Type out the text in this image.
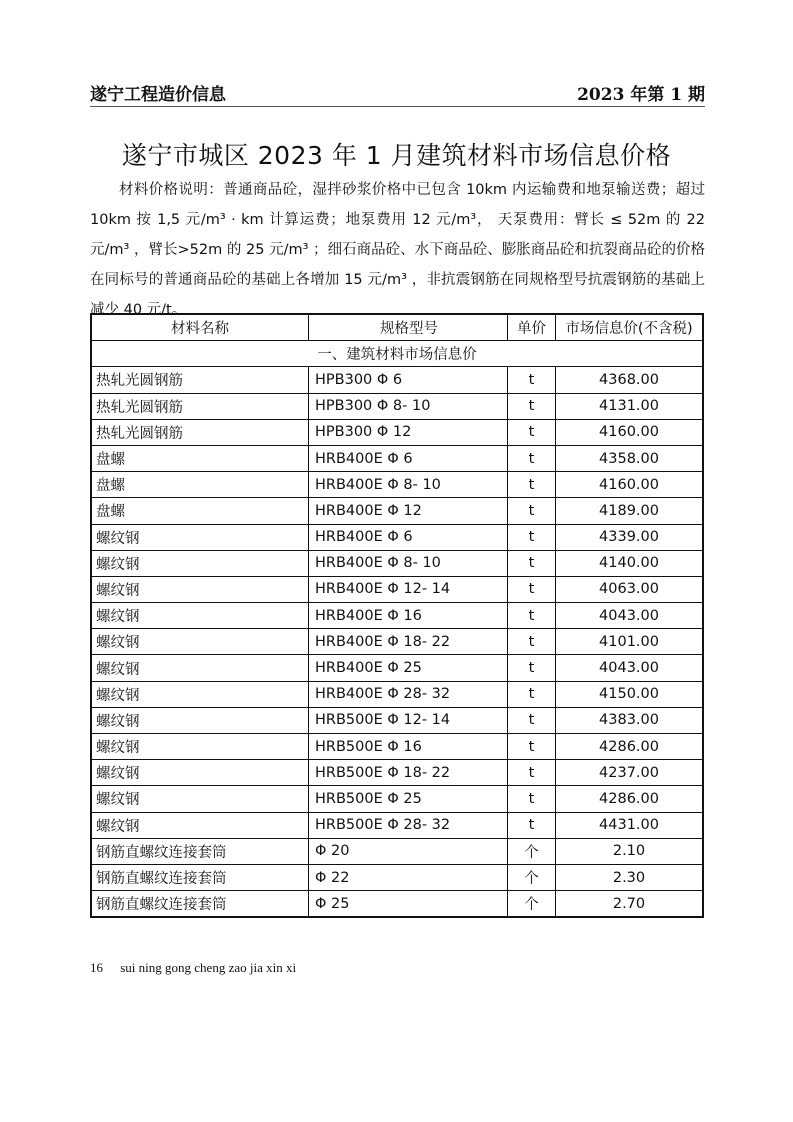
遂宁工程造价信息	2023 年第 1 期
遂宁市城区 2023 年 1 月建筑材料市场信息价格

材料价格说明：普通商品砼，湿拌砂浆价格中已包含 10km 内运输费和地泵输送费；超过 10km 按 1,5 元/m³ · km 计算运费；地泵费用 12 元/m³， 天泵费用：臂长 ≤ 52m 的 22 元/m³ ，臂长>52m 的 25 元/m³ ；细石商品砼、水下商品砼、膨胀商品砼和抗裂商品砼的价格在同标号的普通商品砼的基础上各增加 15 元/m³ ，非抗震钢筋在同规格型号抗震钢筋的基础上减少 40 元/t。

材料名称	规格型号	单价	市场信息价(不含税)
一、建筑材料市场信息价			
热轧光圆钢筋	HPB300 Φ 6	t	4368.00
热轧光圆钢筋	HPB300 Φ 8- 10	t	4131.00
热轧光圆钢筋	HPB300 Φ 12	t	4160.00
盘螺	HRB400E Φ 6	t	4358.00
盘螺	HRB400E Φ 8- 10	t	4160.00
盘螺	HRB400E Φ 12	t	4189.00
螺纹钢	HRB400E Φ 6	t	4339.00
螺纹钢	HRB400E Φ 8- 10	t	4140.00
螺纹钢	HRB400E Φ 12- 14	t	4063.00
螺纹钢	HRB400E Φ 16	t	4043.00
螺纹钢	HRB400E Φ 18- 22	t	4101.00
螺纹钢	HRB400E Φ 25	t	4043.00
螺纹钢	HRB400E Φ 28- 32	t	4150.00
螺纹钢	HRB500E Φ 12- 14	t	4383.00
螺纹钢	HRB500E Φ 16	t	4286.00
螺纹钢	HRB500E Φ 18- 22	t	4237.00
螺纹钢	HRB500E Φ 25	t	4286.00
螺纹钢	HRB500E Φ 28- 32	t	4431.00
钢筋直螺纹连接套筒	Φ 20	个	2.10
钢筋直螺纹连接套筒	Φ 22	个	2.30
钢筋直螺纹连接套筒	Φ 25	个	2.70
16 sui ning gong cheng zao jia xin xi
